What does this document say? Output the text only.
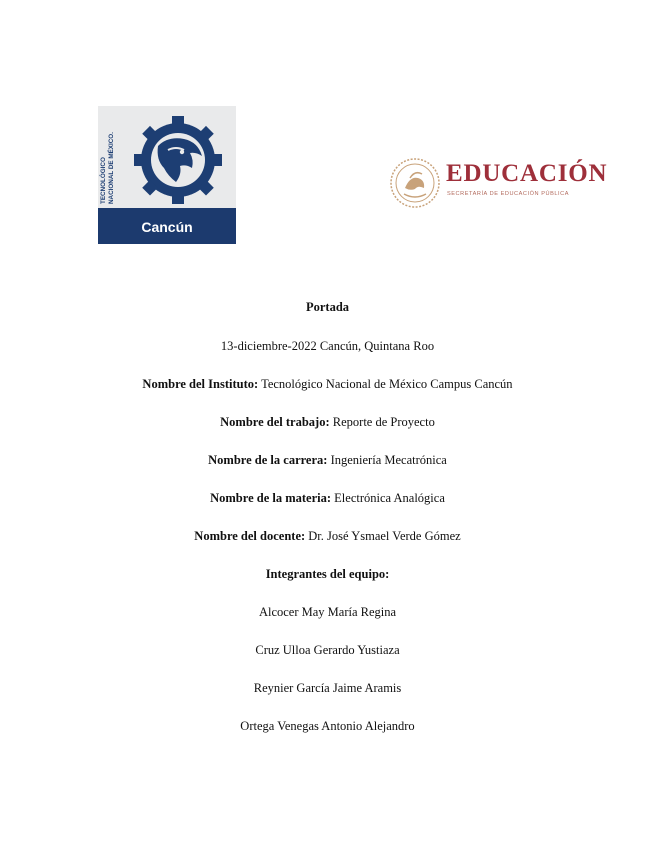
TECNOLÓGICO NACIONAL DE MÉXICO.
Cancún
EDUCACIÓN
SECRETARÍA DE EDUCACIÓN PÚBLICA
Portada
13-diciembre-2022 Cancún, Quintana Roo
Nombre del Instituto: Tecnológico Nacional de México Campus Cancún
Nombre del trabajo: Reporte de Proyecto
Nombre de la carrera: Ingeniería Mecatrónica
Nombre de la materia: Electrónica Analógica
Nombre del docente: Dr. José Ysmael Verde Gómez
Integrantes del equipo:
Alcocer May María Regina
Cruz Ulloa Gerardo Yustiaza
Reynier García Jaime Aramis
Ortega Venegas Antonio Alejandro
